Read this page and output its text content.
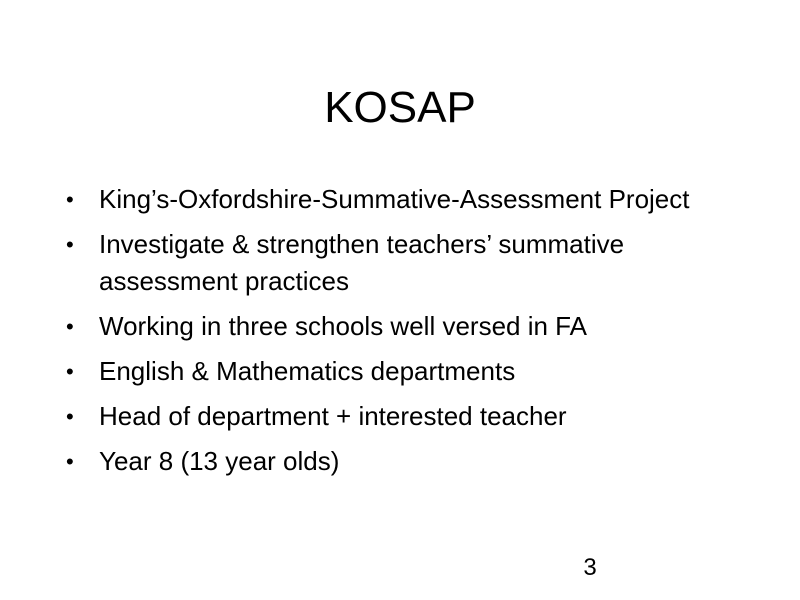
KOSAP
• King’s-Oxfordshire-Summative-Assessment Project
• Investigate & strengthen teachers’ summative assessment practices
• Working in three schools well versed in FA
• English & Mathematics departments
• Head of department + interested teacher
• Year 8 (13 year olds)
3
